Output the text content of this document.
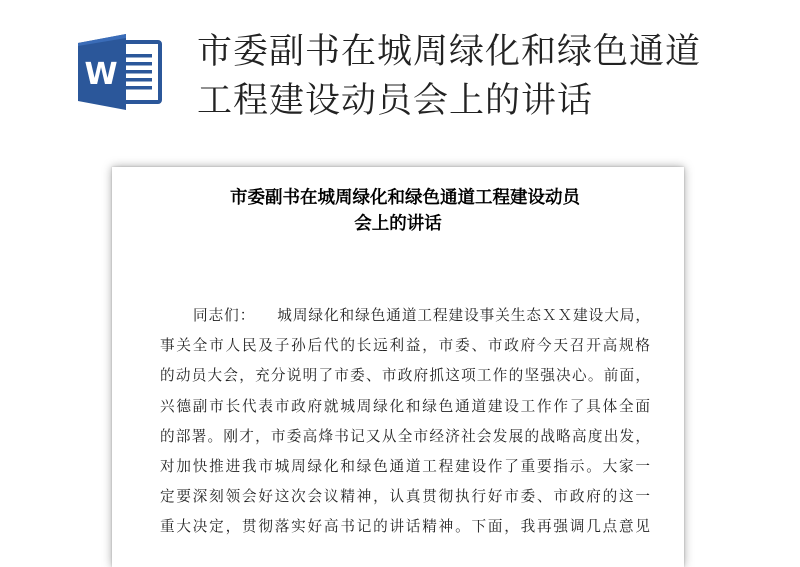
W
市委副书在城周绿化和绿色通道
工程建设动员会上的讲话
市委副书在城周绿化和绿色通道工程建设动员
会上的讲话
同志们： 城周绿化和绿色通道工程建设事关生态ＸＸ建设大局，
事关全市人民及子孙后代的长远利益，市委、市政府今天召开高规格
的动员大会，充分说明了市委、市政府抓这项工作的坚强决心。前面，
兴德副市长代表市政府就城周绿化和绿色通道建设工作作了具体全面
的部署。刚才，市委高烽书记又从全市经济社会发展的战略高度出发，
对加快推进我市城周绿化和绿色通道工程建设作了重要指示。大家一
定要深刻领会好这次会议精神，认真贯彻执行好市委、市政府的这一
重大决定，贯彻落实好高书记的讲话精神。下面，我再强调几点意见
